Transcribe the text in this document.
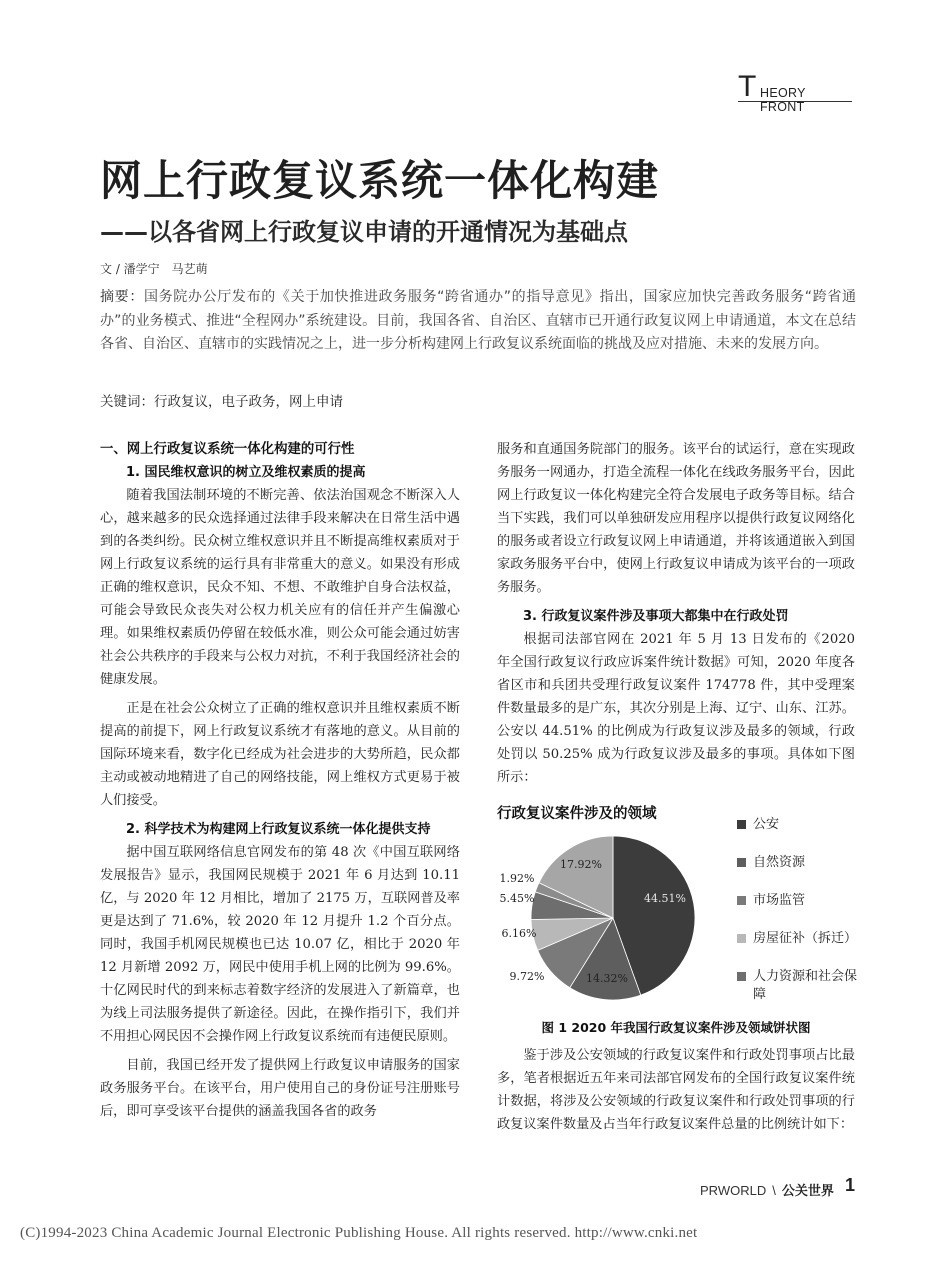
T HEORY FRONT
网上行政复议系统一体化构建
——以各省网上行政复议申请的开通情况为基础点
文 / 潘学宁　马艺萌
摘要：国务院办公厅发布的《关于加快推进政务服务“跨省通办”的指导意见》指出，国家应加快完善政务服务“跨省通办”的业务模式、推进“全程网办”系统建设。目前，我国各省、自治区、直辖市已开通行政复议网上申请通道，本文在总结各省、自治区、直辖市的实践情况之上，进一步分析构建网上行政复议系统面临的挑战及应对措施、未来的发展方向。
关键词：行政复议，电子政务，网上申请
一、网上行政复议系统一体化构建的可行性
1. 国民维权意识的树立及维权素质的提高

随着我国法制环境的不断完善、依法治国观念不断深入人心，越来越多的民众选择通过法律手段来解决在日常生活中遇到的各类纠纷。民众树立维权意识并且不断提高维权素质对于网上行政复议系统的运行具有非常重大的意义。如果没有形成正确的维权意识，民众不知、不想、不敢维护自身合法权益，可能会导致民众丧失对公权力机关应有的信任并产生偏激心理。如果维权素质仍停留在较低水准，则公众可能会通过妨害社会公共秩序的手段来与公权力对抗，不利于我国经济社会的健康发展。

正是在社会公众树立了正确的维权意识并且维权素质不断提高的前提下，网上行政复议系统才有落地的意义。从目前的国际环境来看，数字化已经成为社会进步的大势所趋，民众都主动或被动地精进了自己的网络技能，网上维权方式更易于被人们接受。

2. 科学技术为构建网上行政复议系统一体化提供支持

据中国互联网络信息官网发布的第 48 次《中国互联网络发展报告》显示，我国网民规模于 2021 年 6 月达到 10.11 亿，与 2020 年 12 月相比，增加了 2175 万，互联网普及率更是达到了 71.6%，较 2020 年 12 月提升 1.2 个百分点。同时，我国手机网民规模也已达 10.07 亿，相比于 2020 年 12 月新增 2092 万，网民中使用手机上网的比例为 99.6%。十亿网民时代的到来标志着数字经济的发展进入了新篇章，也为线上司法服务提供了新途径。因此，在操作指引下，我们并不用担心网民因不会操作网上行政复议系统而有违便民原则。

目前，我国已经开发了提供网上行政复议申请服务的国家政务服务平台。在该平台，用户使用自己的身份证号注册账号后，即可享受该平台提供的涵盖我国各省的政务

服务和直通国务院部门的服务。该平台的试运行，意在实现政务服务一网通办，打造全流程一体化在线政务服务平台，因此网上行政复议一体化构建完全符合发展电子政务等目标。结合当下实践，我们可以单独研发应用程序以提供行政复议网络化的服务或者设立行政复议网上申请通道，并将该通道嵌入到国家政务服务平台中，使网上行政复议申请成为该平台的一项政务服务。

3. 行政复议案件涉及事项大都集中在行政处罚

根据司法部官网在 2021 年 5 月 13 日发布的《2020 年全国行政复议行政应诉案件统计数据》可知，2020 年度各省区市和兵团共受理行政复议案件 174778 件，其中受理案件数量最多的是广东，其次分别是上海、辽宁、山东、江苏。公安以 44.51% 的比例成为行政复议涉及最多的领域，行政处罚以 50.25% 成为行政复议涉及最多的事项。具体如下图所示：

行政复议案件涉及的领域
44.51%
14.32%
9.72%
6.16%
5.45%
1.92%
17.92%
公安
自然资源
市场监管
房屋征补（拆迁）
人力资源和社会保障
图 1 2020 年我国行政复议案件涉及领域饼状图

鉴于涉及公安领域的行政复议案件和行政处罚事项占比最多，笔者根据近五年来司法部官网发布的全国行政复议案件统计数据，将涉及公安领域的行政复议案件和行政处罚事项的行政复议案件数量及占当年行政复议案件总量的比例统计如下：

PRWORLD \ 公关世界 1
(C)1994-2023 China Academic Journal Electronic Publishing House. All rights reserved. http://www.cnki.net
